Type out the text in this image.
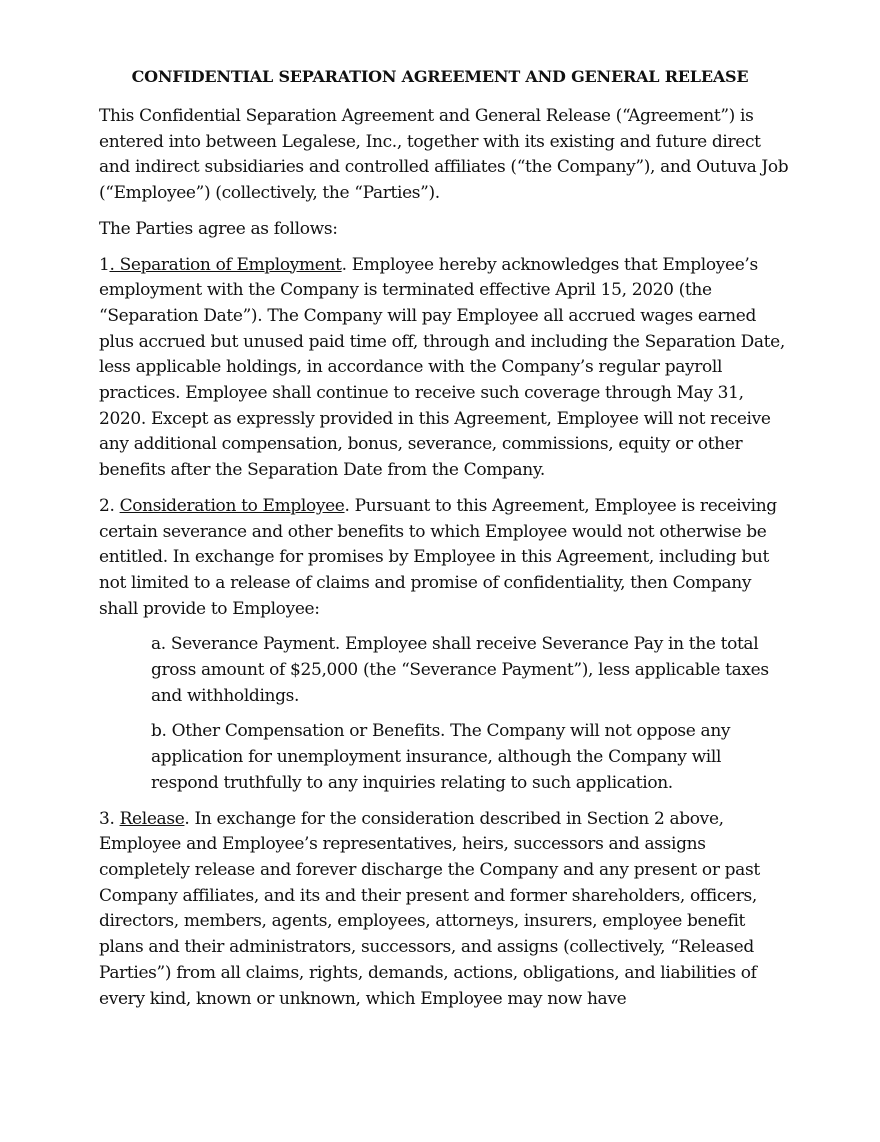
CONFIDENTIAL SEPARATION AGREEMENT AND GENERAL RELEASE

This Confidential Separation Agreement and General Release (“Agreement”) is entered into between Legalese, Inc., together with its existing and future direct and indirect subsidiaries and controlled affiliates (“the Company”), and Outuva Job (“Employee”) (collectively, the “Parties”).

The Parties agree as follows:

1. Separation of Employment. Employee hereby acknowledges that Employee’s employment with the Company is terminated effective April 15, 2020 (the “Separation Date”). The Company will pay Employee all accrued wages earned plus accrued but unused paid time off, through and including the Separation Date, less applicable holdings, in accordance with the Company’s regular payroll practices. Employee shall continue to receive such coverage through May 31, 2020. Except as expressly provided in this Agreement, Employee will not receive any additional compensation, bonus, severance, commissions, equity or other benefits after the Separation Date from the Company.

2. Consideration to Employee. Pursuant to this Agreement, Employee is receiving certain severance and other benefits to which Employee would not otherwise be entitled. In exchange for promises by Employee in this Agreement, including but not limited to a release of claims and promise of confidentiality, then Company shall provide to Employee:

a. Severance Payment. Employee shall receive Severance Pay in the total gross amount of $25,000 (the “Severance Payment”), less applicable taxes and withholdings.

b. Other Compensation or Benefits. The Company will not oppose any application for unemployment insurance, although the Company will respond truthfully to any inquiries relating to such application.

3. Release. In exchange for the consideration described in Section 2 above, Employee and Employee’s representatives, heirs, successors and assigns completely release and forever discharge the Company and any present or past Company affiliates, and its and their present and former shareholders, officers, directors, members, agents, employees, attorneys, insurers, employee benefit plans and their administrators, successors, and assigns (collectively, “Released Parties”) from all claims, rights, demands, actions, obligations, and liabilities of every kind, known or unknown, which Employee may now have
